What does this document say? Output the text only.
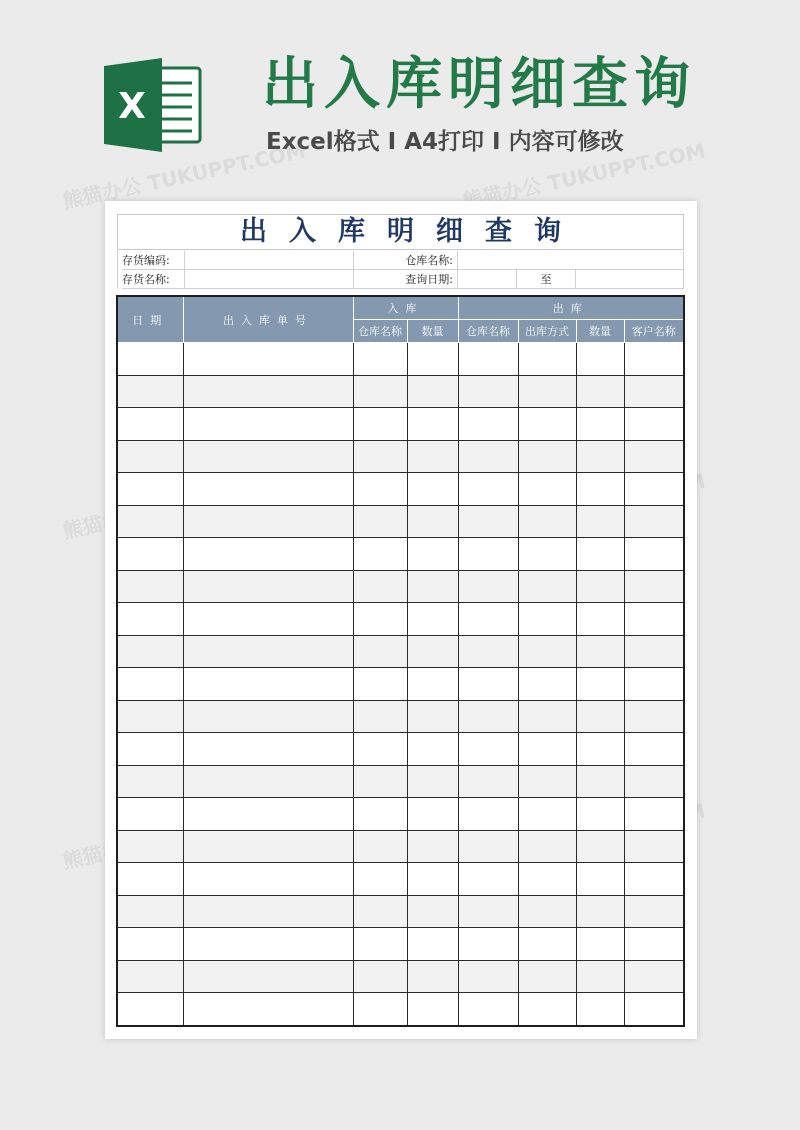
X 出入库明细查询
Excel格式 I A4打印 I 内容可修改
熊猫办公 TUKUPPT.COM	熊猫办公 TUKUPPT.COM
熊猫办公
熊猫办公
出入库明细查询
存货编码:	仓库名称:
存货名称:	查询日期:	至
日期	出入库单号	入库		出库			
		仓库名称	数量	仓库名称	出库方式	数量	客户名称
